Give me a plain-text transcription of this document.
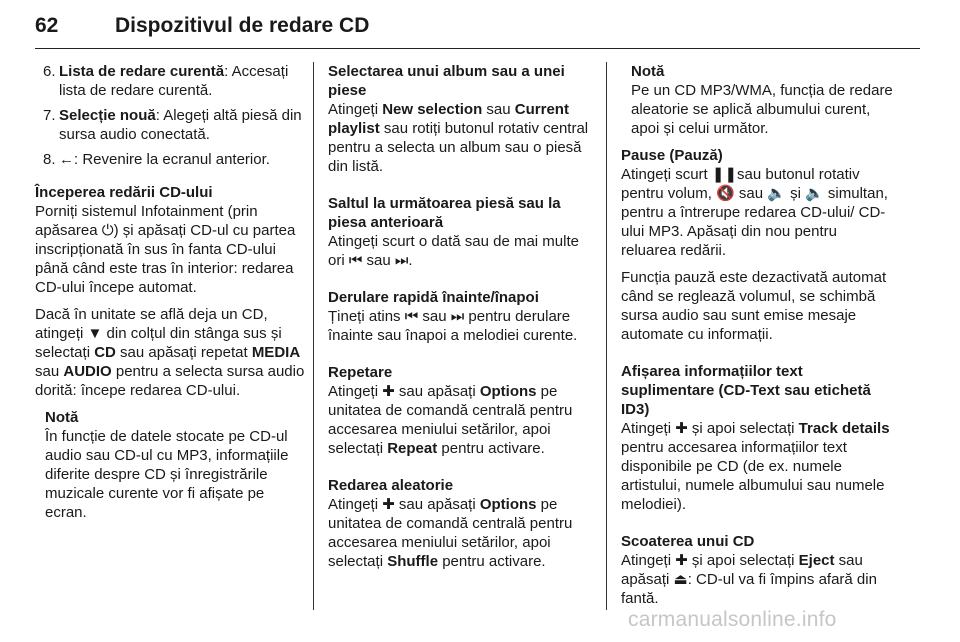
62	Dispozitivul de redare CD
6. Lista de redare curentă: Accesați lista de redare curentă.
7. Selecție nouă: Alegeți altă piesă din sursa audio conectată.
8. ←: Revenire la ecranul anterior.

Începerea redării CD-ului

Porniți sistemul Infotainment (prin apăsarea ⏻) și apăsați CD-ul cu partea inscripționată în sus în fanta CD-ului până când este tras în interior: redarea CD-ului începe automat.

Dacă în unitate se află deja un CD, atingeți ▼ din colțul din stânga sus și selectați CD sau apăsați repetat MEDIA sau AUDIO pentru a selecta sursa audio dorită: începe redarea CD-ului.

Notă

În funcție de datele stocate pe CD-ul audio sau CD-ul cu MP3, informațiile diferite despre CD și înregistrările muzicale curente vor fi afișate pe ecran.

Selectarea unui album sau a unei piese

Atingeți New selection sau Current playlist sau rotiți butonul rotativ central pentru a selecta un album sau o piesă din listă.

Saltul la următoarea piesă sau la piesa anterioară

Atingeți scurt o dată sau de mai multe ori ⏮ sau ⏭.

Derulare rapidă înainte/înapoi

Țineți atins ⏮ sau ⏭ pentru derulare înainte sau înapoi a melodiei curente.

Repetare

Atingeți ✚ sau apăsați Options pe unitatea de comandă centrală pentru accesarea meniului setărilor, apoi selectați Repeat pentru activare.

Redarea aleatorie

Atingeți ✚ sau apăsați Options pe unitatea de comandă centrală pentru accesarea meniului setărilor, apoi selectați Shuffle pentru activare.

Notă

Pe un CD MP3/WMA, funcția de redare aleatorie se aplică albumului curent, apoi și celui următor.

Pause (Pauză)

Atingeți scurt ❚❚sau butonul rotativ pentru volum, 🔇 sau 🔈 și 🔈 simultan, pentru a întrerupe redarea CD-ului/ CD-ului MP3. Apăsați din nou pentru reluarea redării.

Funcția pauză este dezactivată automat când se reglează volumul, se schimbă sursa audio sau sunt emise mesaje automate cu informații.

Afișarea informațiilor text suplimentare (CD-Text sau etichetă ID3)

Atingeți ✚ și apoi selectați Track details pentru accesarea informațiilor text disponibile pe CD (de ex. numele artistului, numele albumului sau numele melodiei).

Scoaterea unui CD

Atingeți ✚ și apoi selectați Eject sau apăsați ⏏: CD-ul va fi împins afară din fantă.

carmanualsonline.info
